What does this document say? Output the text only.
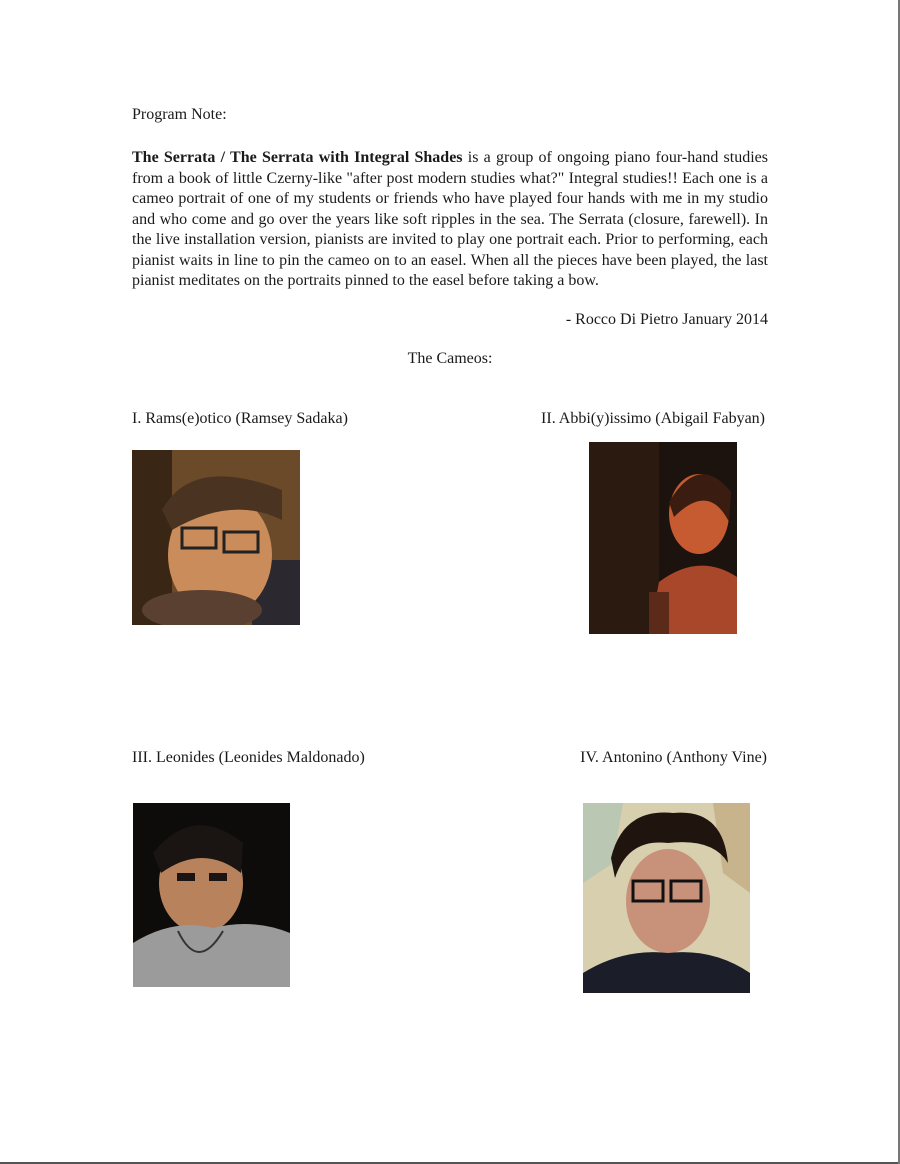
Program Note:
The Serrata / The Serrata with Integral Shades is a group of ongoing piano four-hand studies from a book of little Czerny-like "after post modern studies what?" Integral studies!! Each one is a cameo portrait of one of my students or friends who have played four hands with me in my studio and who come and go over the years like soft ripples in the sea. The Serrata (closure, farewell). In the live installation version, pianists are invited to play one portrait each. Prior to performing, each pianist waits in line to pin the cameo on to an easel. When all the pieces have been played, the last pianist meditates on the portraits pinned to the easel before taking a bow.
- Rocco Di Pietro January 2014
The Cameos:
I. Rams(e)otico (Ramsey Sadaka)	II. Abbi(y)issimo (Abigail Fabyan)
III. Leonides (Leonides Maldonado)	IV. Antonino (Anthony Vine)
